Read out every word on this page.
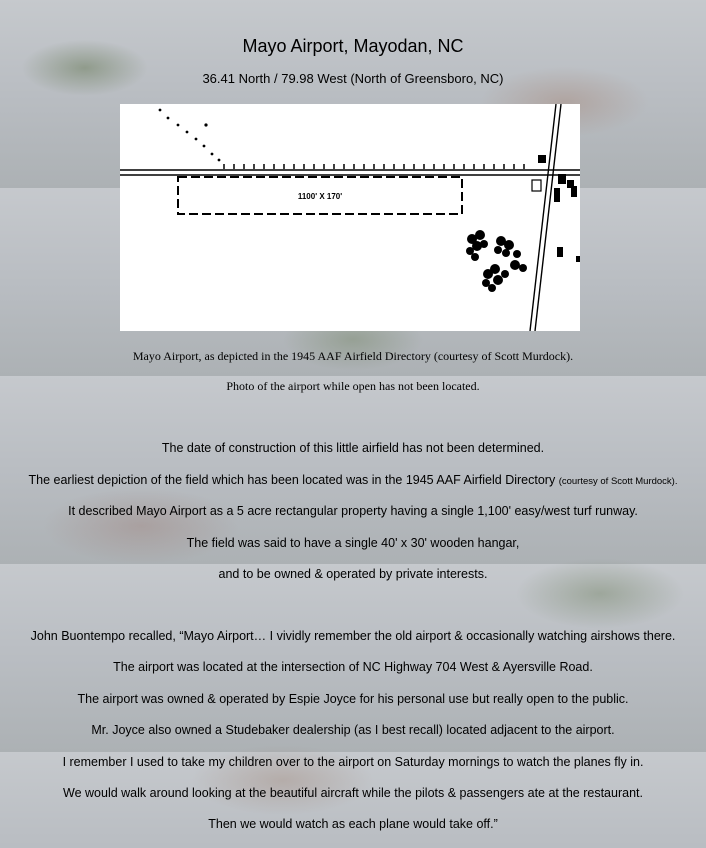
Mayo Airport, Mayodan, NC
36.41 North / 79.98 West (North of Greensboro, NC)
1100' X 170'
Mayo Airport, as depicted in the 1945 AAF Airfield Directory (courtesy of Scott Murdock).
Photo of the airport while open has not been located.
The date of construction of this little airfield has not been determined.
The earliest depiction of the field which has been located was in the 1945 AAF Airfield Directory (courtesy of Scott Murdock).
It described Mayo Airport as a 5 acre rectangular property having a single 1,100' easy/west turf runway.
The field was said to have a single 40' x 30' wooden hangar,
and to be owned & operated by private interests.
John Buontempo recalled, “Mayo Airport… I vividly remember the old airport & occasionally watching airshows there.
The airport was located at the intersection of NC Highway 704 West & Ayersville Road.
The airport was owned & operated by Espie Joyce for his personal use but really open to the public.
Mr. Joyce also owned a Studebaker dealership (as I best recall) located adjacent to the airport.
I remember I used to take my children over to the airport on Saturday mornings to watch the planes fly in.
We would walk around looking at the beautiful aircraft while the pilots & passengers ate at the restaurant.
Then we would watch as each plane would take off.”
